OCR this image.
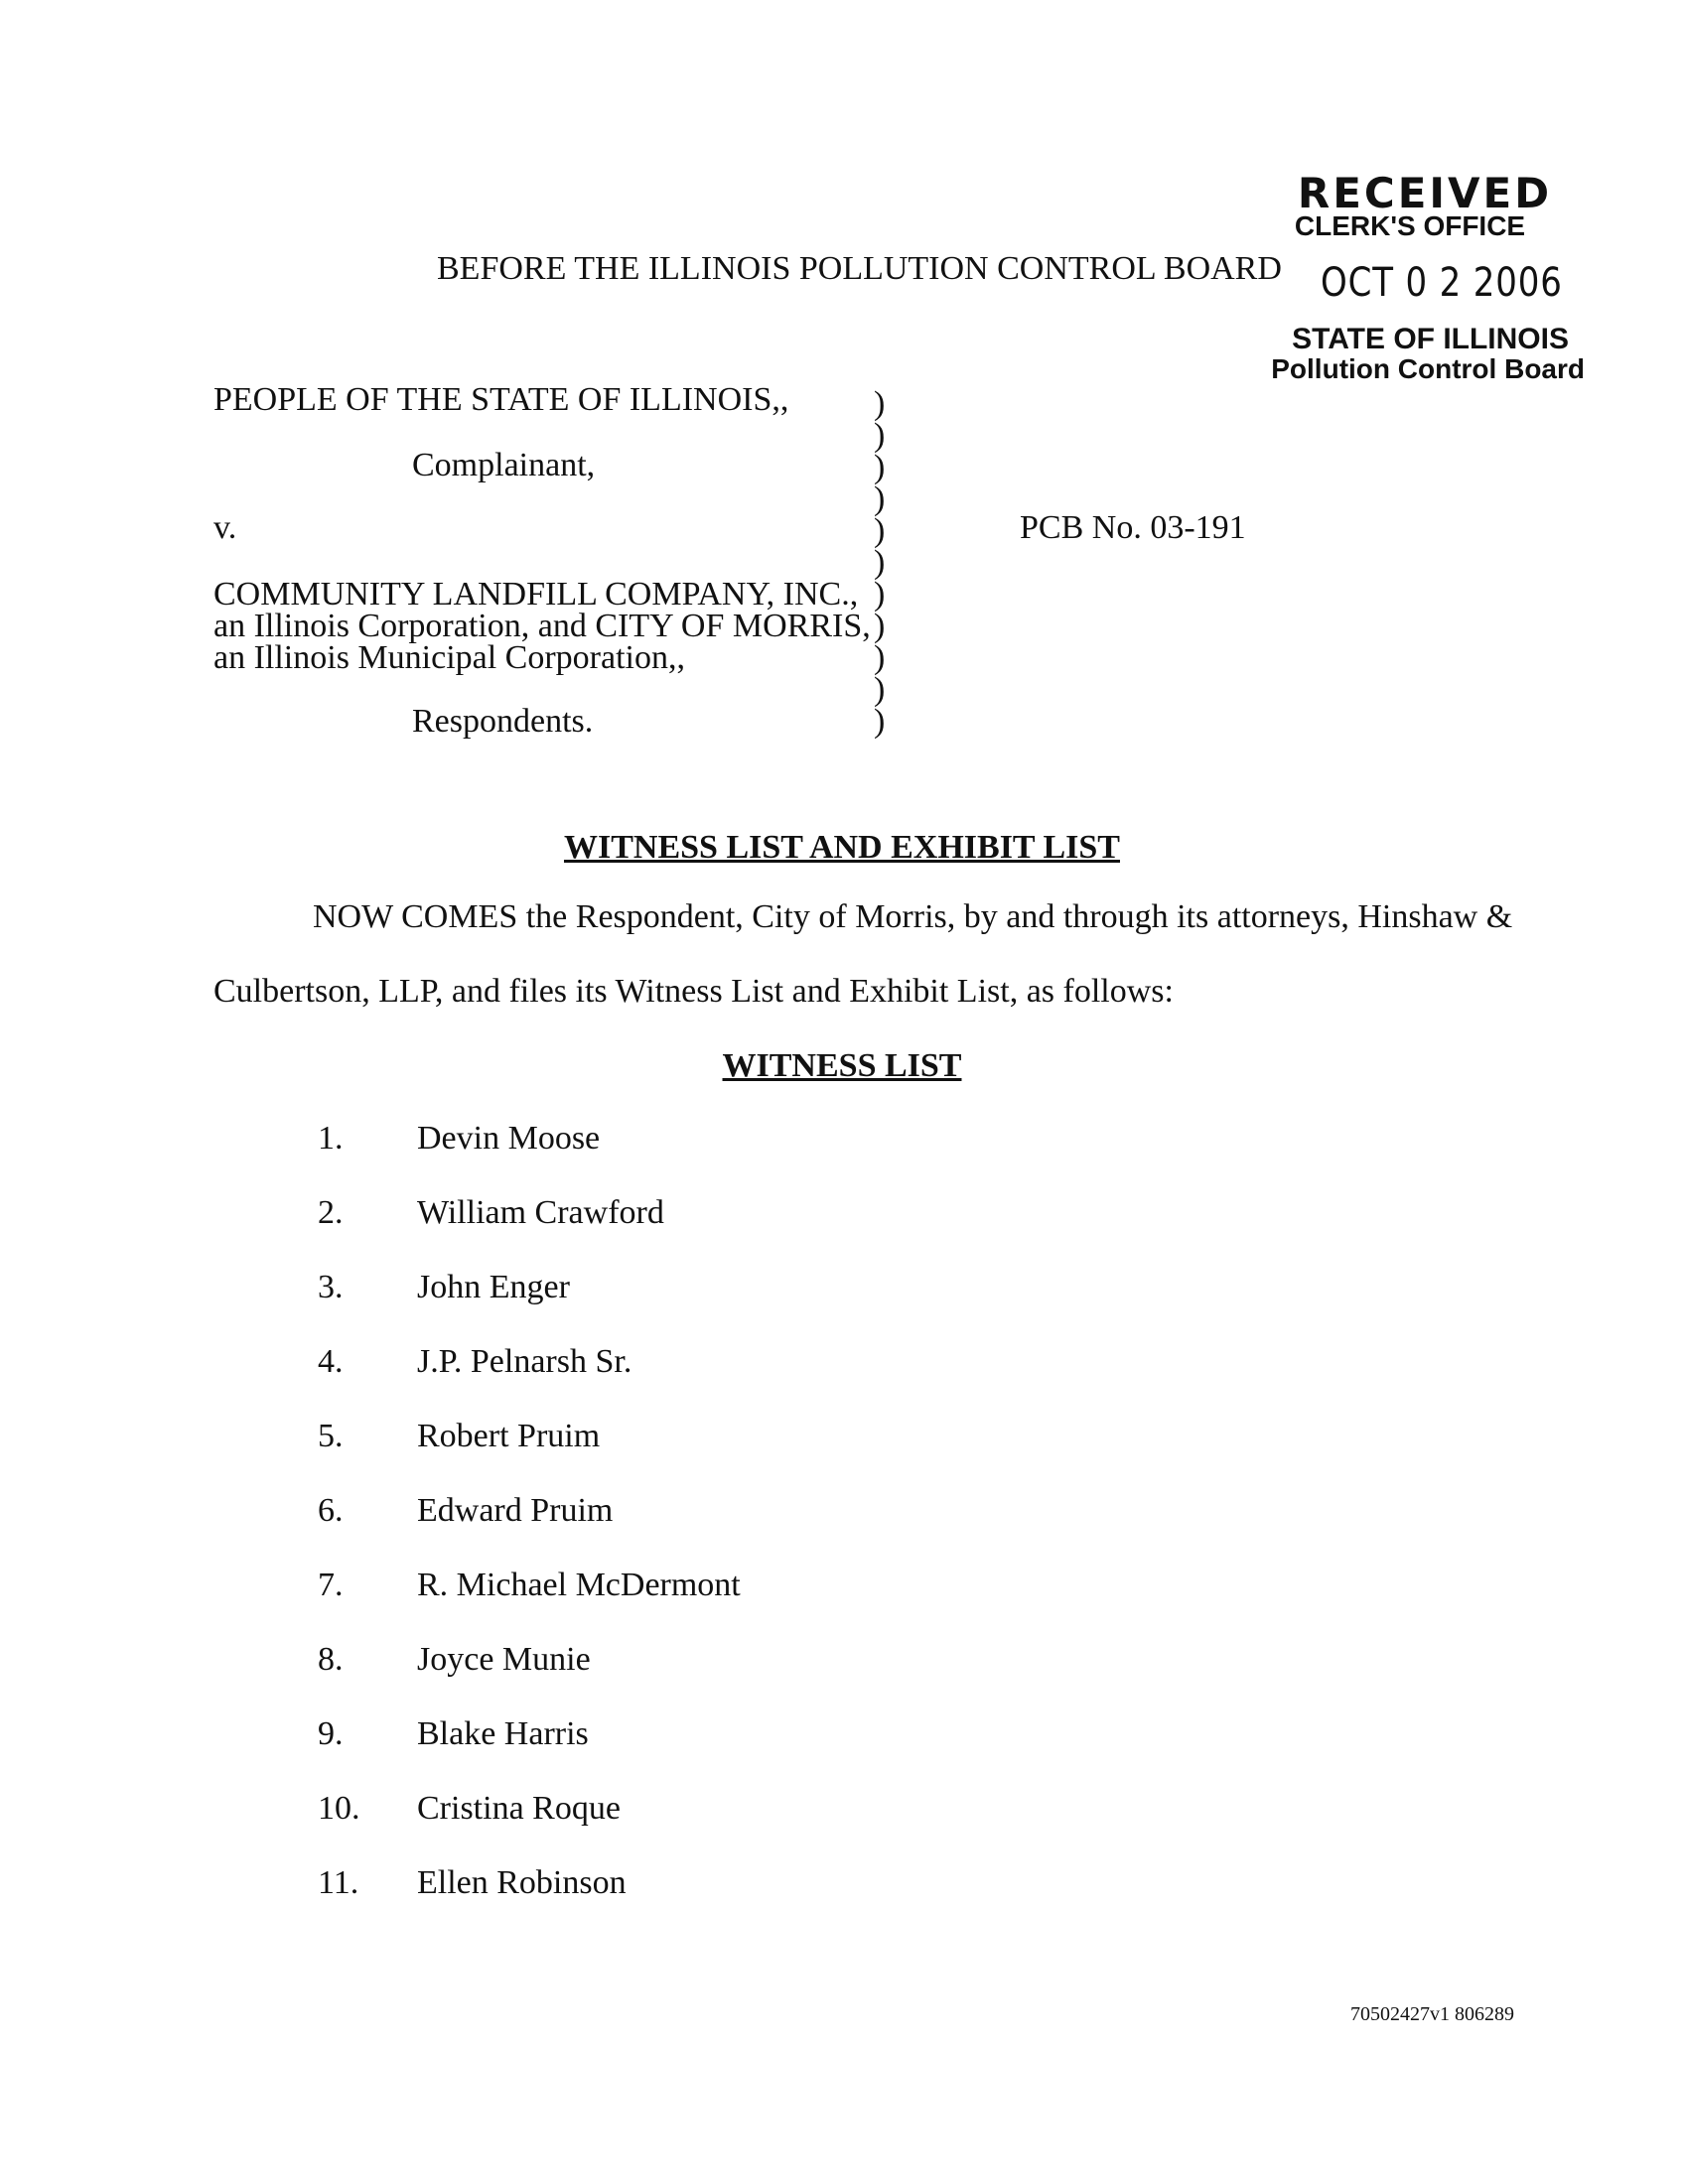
RECEIVED
CLERK'S OFFICE
OCT 0 2 2006
STATE OF ILLINOIS
Pollution Control Board
BEFORE THE ILLINOIS POLLUTION CONTROL BOARD
PEOPLE OF THE STATE OF ILLINOIS,,
Complainant,
v.
COMMUNITY LANDFILL COMPANY, INC.,
an Illinois Corporation, and CITY OF MORRIS,
an Illinois Municipal Corporation,,
Respondents.
)
)
)
)
)
)
)
)
)
)
)
PCB No. 03-191
WITNESS LIST AND EXHIBIT LIST
NOW COMES the Respondent, City of Morris, by and through its attorneys, Hinshaw &
Culbertson, LLP, and files its Witness List and Exhibit List, as follows:
WITNESS LIST
1.	Devin Moose
2.	William Crawford
3.	John Enger
4.	J.P. Pelnarsh Sr.
5.	Robert Pruim
6.	Edward Pruim
7.	R. Michael McDermont
8.	Joyce Munie
9.	Blake Harris
10.	Cristina Roque
11.	Ellen Robinson
70502427v1 806289
